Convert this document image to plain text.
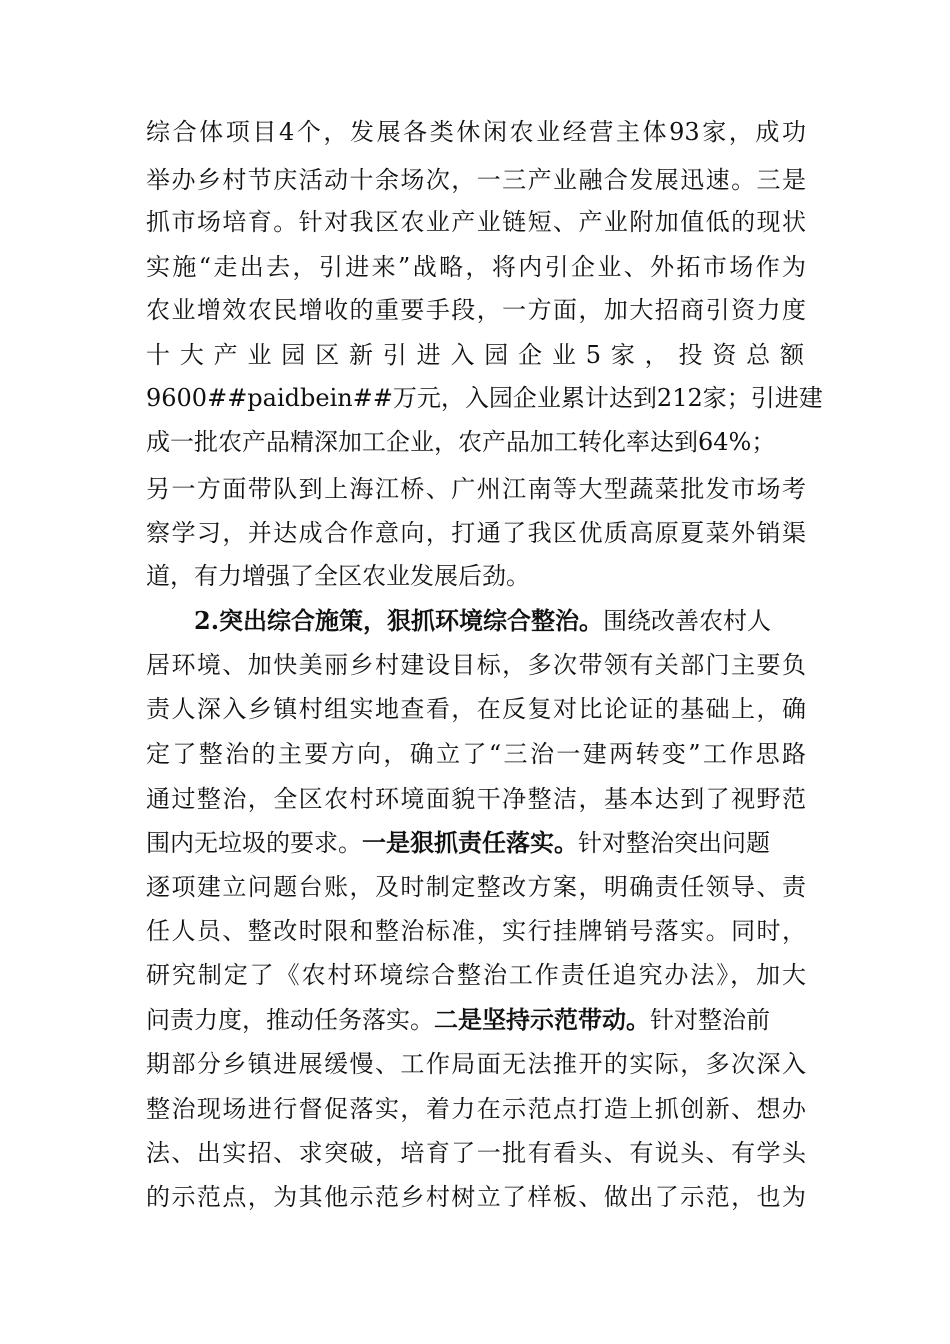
综合体项目4个，发展各类休闲农业经营主体93家，成功
举办乡村节庆活动十余场次，一三产业融合发展迅速。三是
抓市场培育。针对我区农业产业链短、产业附加值低的现状
实施“走出去，引进来”战略，将内引企业、外拓市场作为
农业增效农民增收的重要手段，一方面，加大招商引资力度
十大产业园区新引进入园企业5家，投资总额
9600##paidbein##万元，入园企业累计达到212家；引进建
成一批农产品精深加工企业，农产品加工转化率达到64%；
另一方面带队到上海江桥、广州江南等大型蔬菜批发市场考
察学习，并达成合作意向，打通了我区优质高原夏菜外销渠
道，有力增强了全区农业发展后劲。
2.突出综合施策，狠抓环境综合整治。围绕改善农村人
居环境、加快美丽乡村建设目标，多次带领有关部门主要负
责人深入乡镇村组实地查看，在反复对比论证的基础上，确
定了整治的主要方向，确立了“三治一建两转变”工作思路
通过整治，全区农村环境面貌干净整洁，基本达到了视野范
围内无垃圾的要求。一是狠抓责任落实。针对整治突出问题
逐项建立问题台账，及时制定整改方案，明确责任领导、责
任人员、整改时限和整治标准，实行挂牌销号落实。同时，
研究制定了《农村环境综合整治工作责任追究办法》，加大
问责力度，推动任务落实。二是坚持示范带动。针对整治前
期部分乡镇进展缓慢、工作局面无法推开的实际，多次深入
整治现场进行督促落实，着力在示范点打造上抓创新、想办
法、出实招、求突破，培育了一批有看头、有说头、有学头
的示范点，为其他示范乡村树立了样板、做出了示范，也为
